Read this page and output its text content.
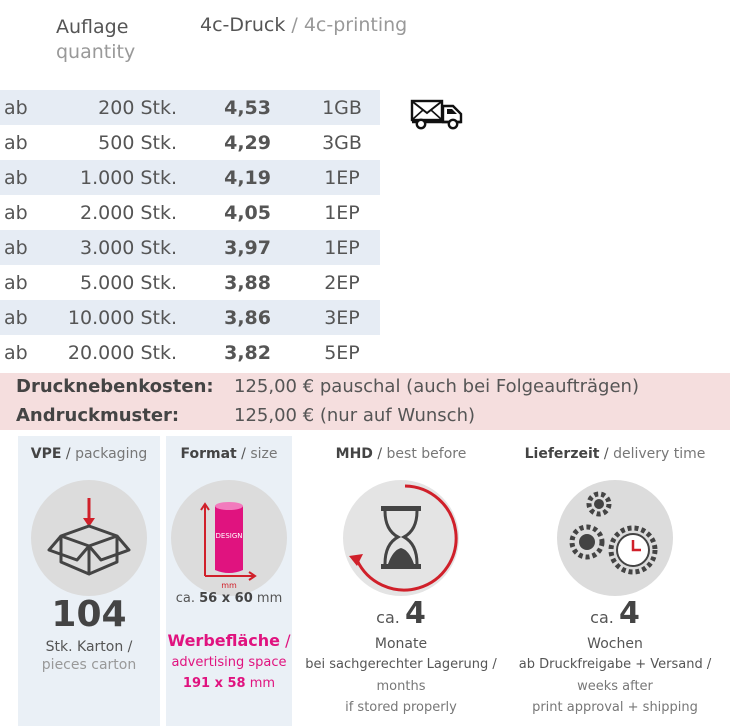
Auflage
quantity
4c-Druck / 4c-printing
ab	200 Stk.	4,53	1GB
ab	500 Stk.	4,29	3GB
ab	1.000 Stk.	4,19	1EP
ab	2.000 Stk.	4,05	1EP
ab	3.000 Stk.	3,97	1EP
ab	5.000 Stk.	3,88	2EP
ab	10.000 Stk.	3,86	3EP
ab	20.000 Stk.	3,82	5EP
Drucknebenkosten: 125,00 € pauschal (auch bei Folgeaufträgen)
Andruckmuster:	125,00 € (nur auf Wunsch)
VPE / packaging
104
Stk. Karton /
pieces carton
Format / size
DESIGN
mm
ca. 56 x 60 mm
Werbefläche /
advertising space
191 x 58 mm
MHD / best before
ca. 4
Monate
bei sachgerechter Lagerung /
months
if stored properly
Lieferzeit / delivery time
ca. 4
Wochen
ab Druckfreigabe + Versand /
weeks after
print approval + shipping
